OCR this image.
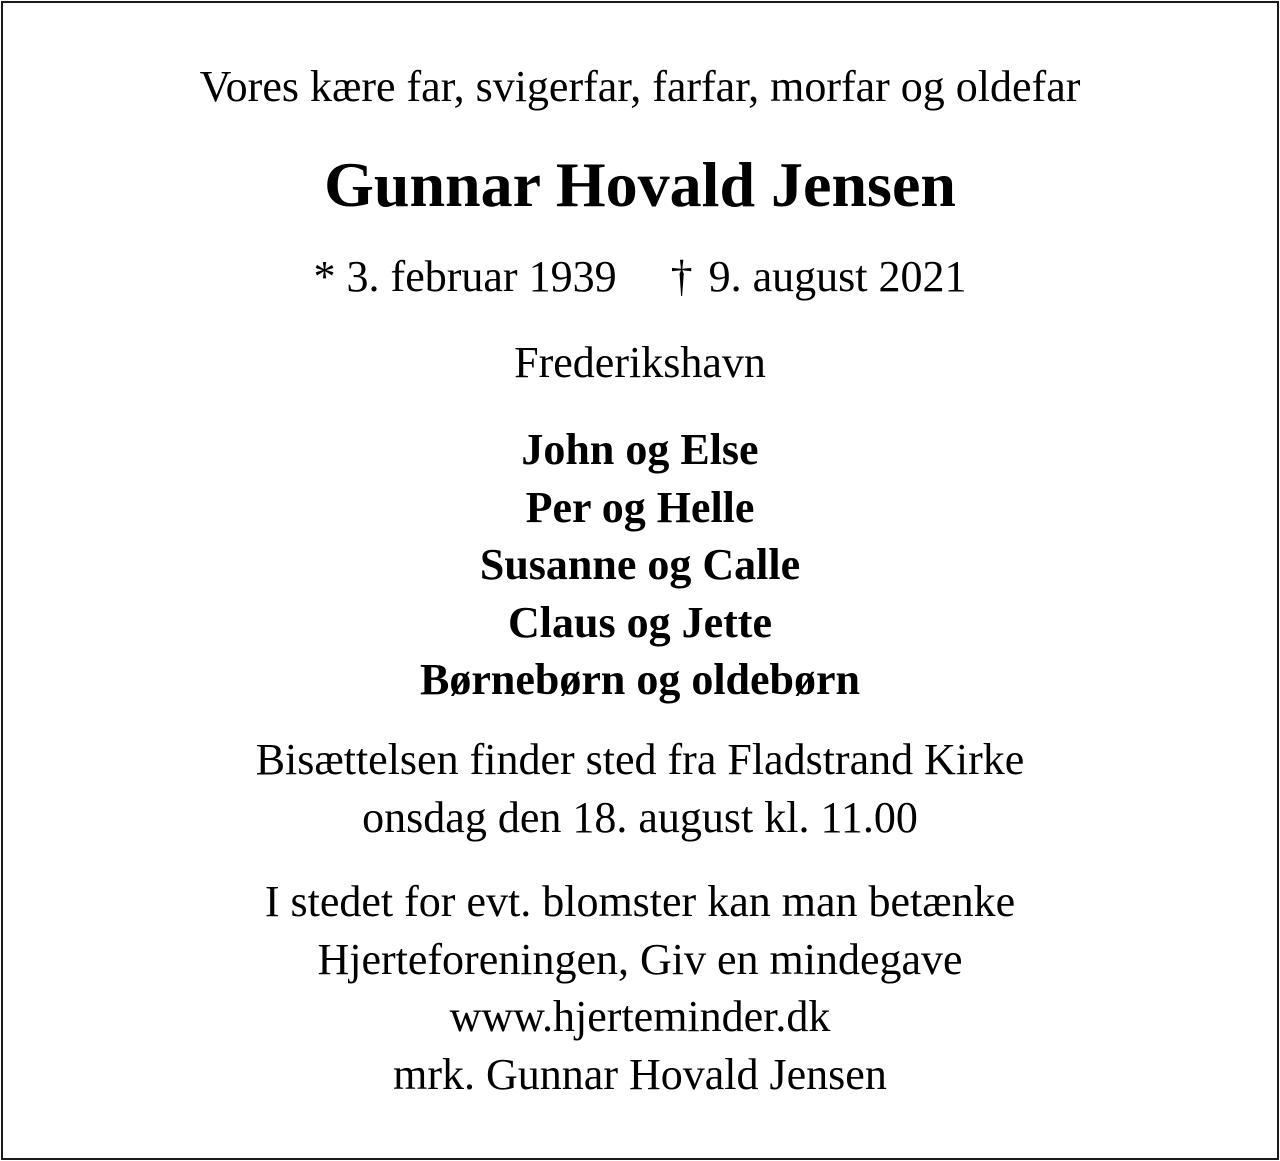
Vores kære far, svigerfar, farfar, morfar og oldefar
Gunnar Hovald Jensen
* 3. februar 1939 † 9. august 2021
Frederikshavn
John og Else
Per og Helle
Susanne og Calle
Claus og Jette
Børnebørn og oldebørn
Bisættelsen finder sted fra Fladstrand Kirke
onsdag den 18. august kl. 11.00
I stedet for evt. blomster kan man betænke
Hjerteforeningen, Giv en mindegave
www.hjerteminder.dk
mrk. Gunnar Hovald Jensen
